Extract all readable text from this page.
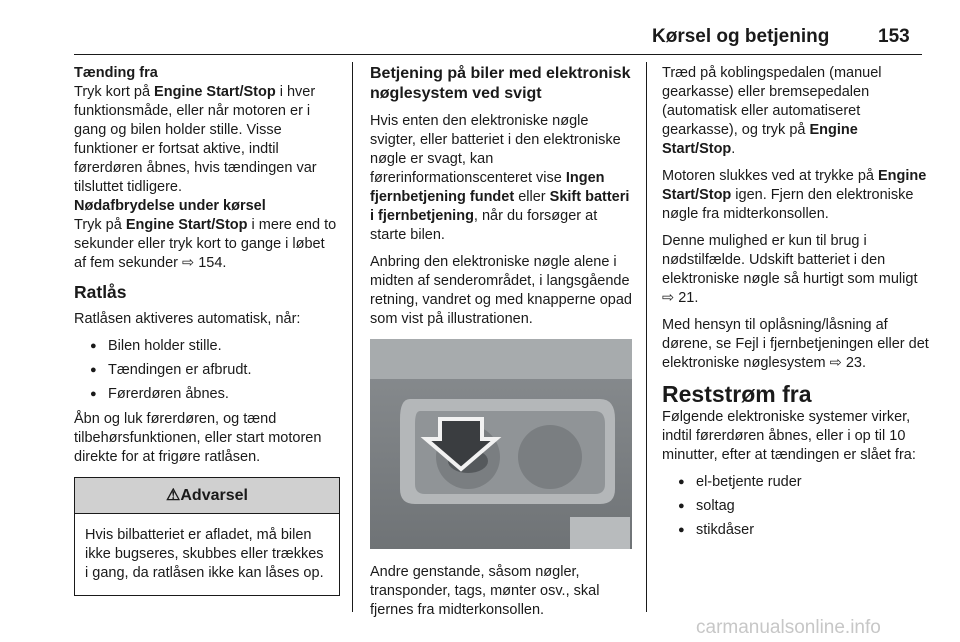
Kørsel og betjening	153
Tænding fra

Tryk kort på Engine Start/Stop i hver funktionsmåde, eller når motoren er i gang og bilen holder stille. Visse funktioner er fortsat aktive, indtil førerdøren åbnes, hvis tændingen var tilsluttet tidligere.

Nødafbrydelse under kørsel

Tryk på Engine Start/Stop i mere end to sekunder eller tryk kort to gange i løbet af fem sekunder ⇨ 154.

Ratlås

Ratlåsen aktiveres automatisk, når:

● Bilen holder stille.
● Tændingen er afbrudt.
● Førerdøren åbnes.

Åbn og luk førerdøren, og tænd tilbehørsfunktionen, eller start motoren direkte for at frigøre ratlåsen.

⚠Advarsel
Hvis bilbatteriet er afladet, må bilen ikke bugseres, skubbes eller trækkes i gang, da ratlåsen ikke kan låses op.
Betjening på biler med elektronisk nøglesystem ved svigt

Hvis enten den elektroniske nøgle svigter, eller batteriet i den elektroniske nøgle er svagt, kan førerinformationscenteret vise Ingen fjernbetjening fundet eller Skift batteri i fjernbetjening, når du forsøger at starte bilen.

Anbring den elektroniske nøgle alene i midten af senderområdet, i langsgående retning, vandret og med knapperne opad som vist på illustrationen.

Andre genstande, såsom nøgler, transponder, tags, mønter osv., skal fjernes fra midterkonsollen.

Træd på koblingspedalen (manuel gearkasse) eller bremsepedalen (automatisk eller automatiseret gearkasse), og tryk på Engine Start/Stop.

Motoren slukkes ved at trykke på Engine Start/Stop igen. Fjern den elektroniske nøgle fra midterkonsollen.

Denne mulighed er kun til brug i nødstilfælde. Udskift batteriet i den elektroniske nøgle så hurtigt som muligt
⇨ 21.

Med hensyn til oplåsning/låsning af dørene, se Fejl i fjernbetjeningen eller det elektroniske nøglesystem ⇨ 23.

Reststrøm fra

Følgende elektroniske systemer virker, indtil førerdøren åbnes, eller i op til 10 minutter, efter at tændingen er slået fra:

● el-betjente ruder
● soltag
● stikdåser
carmanualsonline.info
